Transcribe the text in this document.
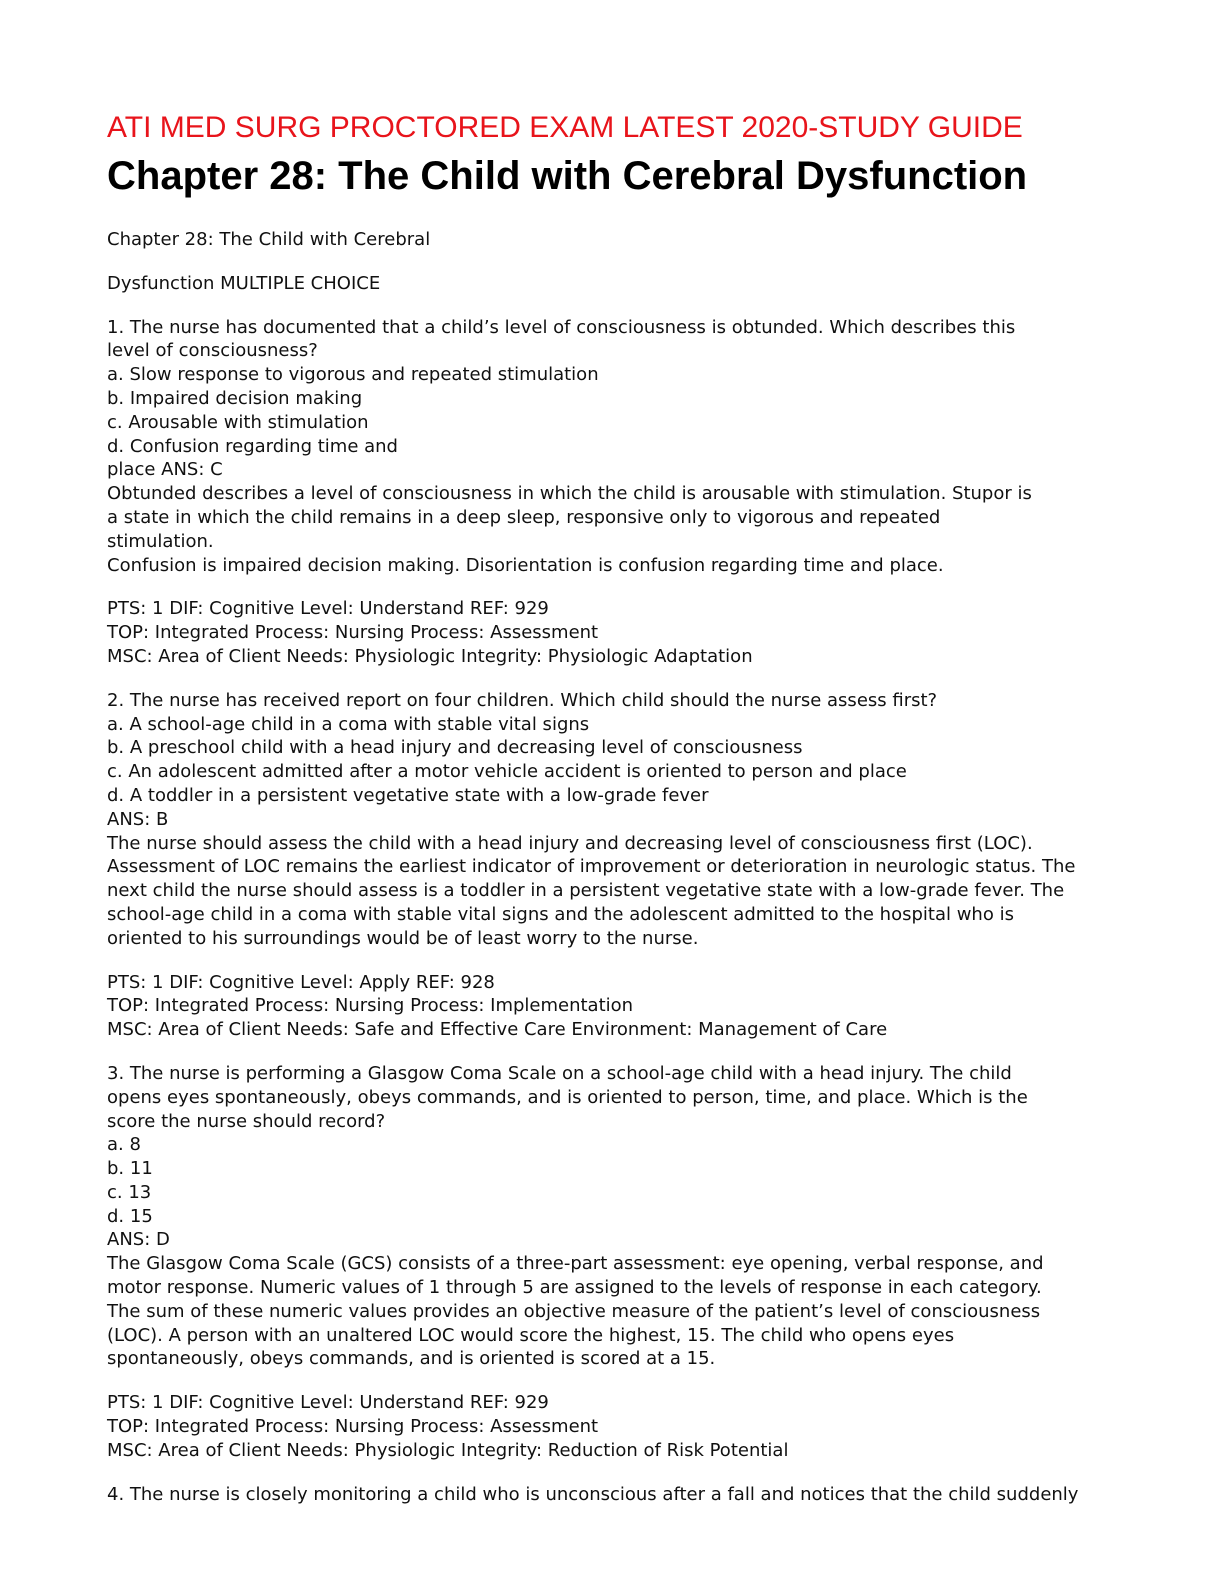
ATI MED SURG PROCTORED EXAM LATEST 2020-STUDY GUIDE
Chapter 28: The Child with Cerebral Dysfunction
Chapter 28: The Child with Cerebral
Dysfunction MULTIPLE CHOICE
1. The nurse has documented that a child’s level of consciousness is obtunded. Which describes this
level of consciousness?
a. Slow response to vigorous and repeated stimulation
b. Impaired decision making
c. Arousable with stimulation
d. Confusion regarding time and
place ANS: C
Obtunded describes a level of consciousness in which the child is arousable with stimulation. Stupor is
a state in which the child remains in a deep sleep, responsive only to vigorous and repeated
stimulation.
Confusion is impaired decision making. Disorientation is confusion regarding time and place.
PTS: 1 DIF: Cognitive Level: Understand REF: 929
TOP: Integrated Process: Nursing Process: Assessment
MSC: Area of Client Needs: Physiologic Integrity: Physiologic Adaptation
2. The nurse has received report on four children. Which child should the nurse assess first?
a. A school-age child in a coma with stable vital signs
b. A preschool child with a head injury and decreasing level of consciousness
c. An adolescent admitted after a motor vehicle accident is oriented to person and place
d. A toddler in a persistent vegetative state with a low-grade fever
ANS: B
The nurse should assess the child with a head injury and decreasing level of consciousness first (LOC).
Assessment of LOC remains the earliest indicator of improvement or deterioration in neurologic status. The
next child the nurse should assess is a toddler in a persistent vegetative state with a low-grade fever. The
school-age child in a coma with stable vital signs and the adolescent admitted to the hospital who is
oriented to his surroundings would be of least worry to the nurse.
PTS: 1 DIF: Cognitive Level: Apply REF: 928
TOP: Integrated Process: Nursing Process: Implementation
MSC: Area of Client Needs: Safe and Effective Care Environment: Management of Care
3. The nurse is performing a Glasgow Coma Scale on a school-age child with a head injury. The child
opens eyes spontaneously, obeys commands, and is oriented to person, time, and place. Which is the
score the nurse should record?
a. 8
b. 11
c. 13
d. 15
ANS: D
The Glasgow Coma Scale (GCS) consists of a three-part assessment: eye opening, verbal response, and
motor response. Numeric values of 1 through 5 are assigned to the levels of response in each category.
The sum of these numeric values provides an objective measure of the patient’s level of consciousness
(LOC). A person with an unaltered LOC would score the highest, 15. The child who opens eyes
spontaneously, obeys commands, and is oriented is scored at a 15.
PTS: 1 DIF: Cognitive Level: Understand REF: 929
TOP: Integrated Process: Nursing Process: Assessment
MSC: Area of Client Needs: Physiologic Integrity: Reduction of Risk Potential
4. The nurse is closely monitoring a child who is unconscious after a fall and notices that the child suddenly
